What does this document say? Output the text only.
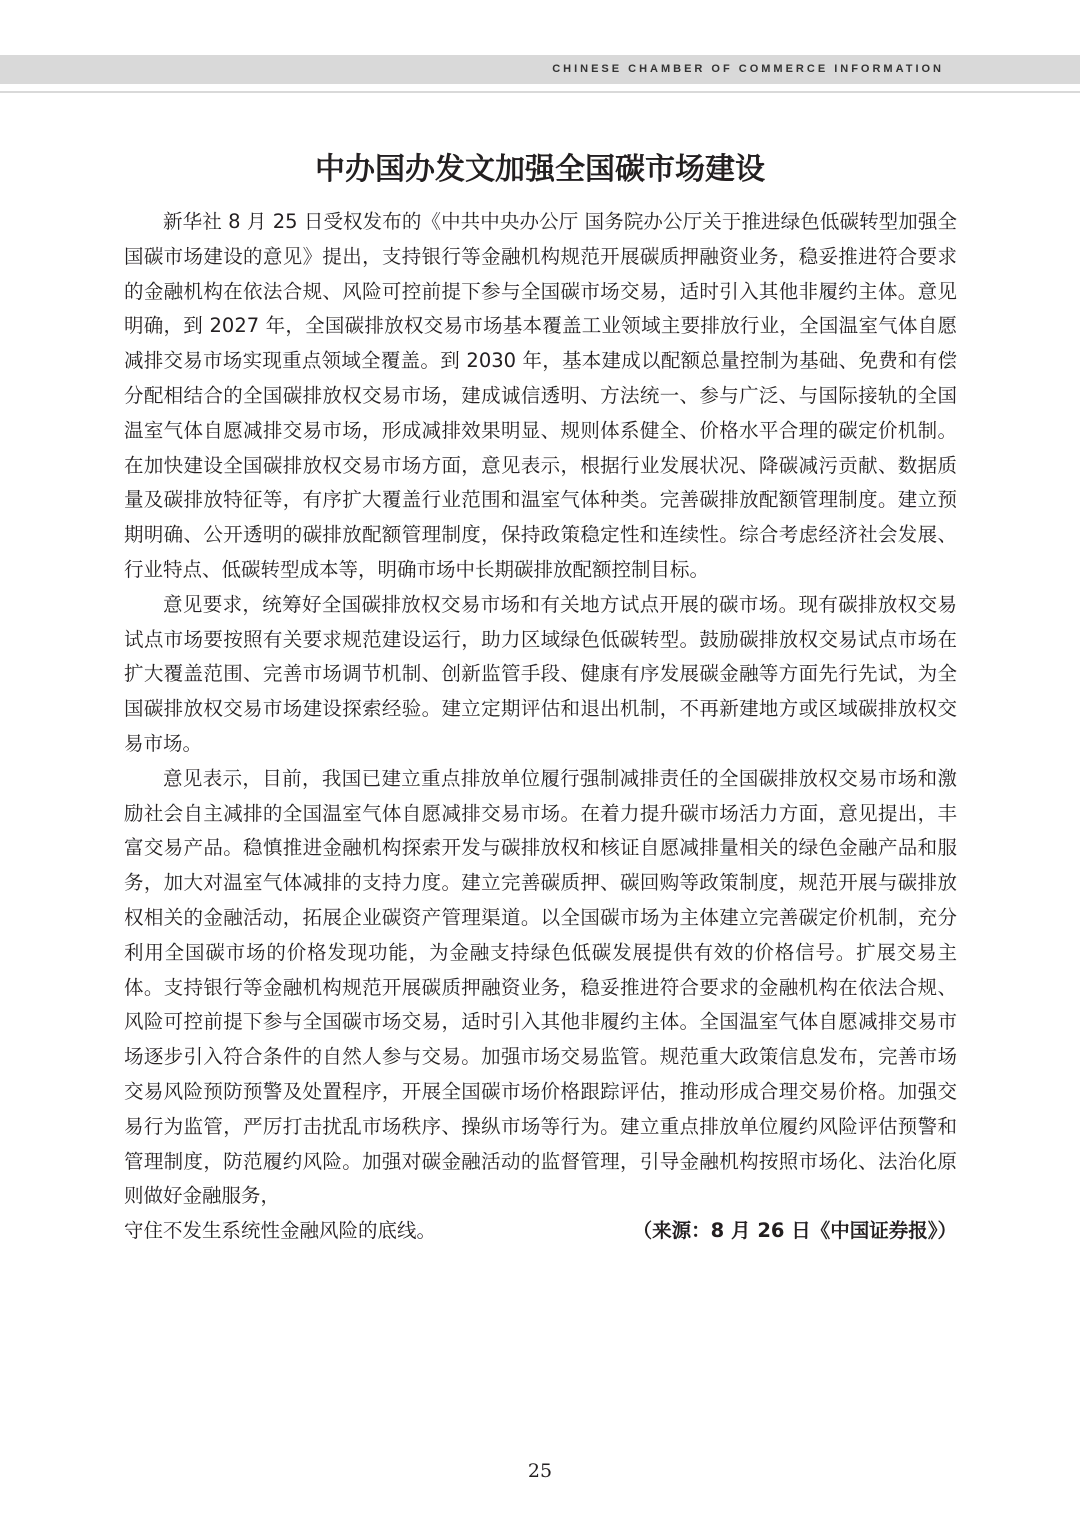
CHINESE CHAMBER OF COMMERCE INFORMATION
中办国办发文加强全国碳市场建设

新华社 8 月 25 日受权发布的《中共中央办公厅 国务院办公厅关于推进绿色低碳转型加强全国碳市场建设的意见》提出，支持银行等金融机构规范开展碳质押融资业务，稳妥推进符合要求的金融机构在依法合规、风险可控前提下参与全国碳市场交易，适时引入其他非履约主体。意见明确，到 2027 年，全国碳排放权交易市场基本覆盖工业领域主要排放行业，全国温室气体自愿减排交易市场实现重点领域全覆盖。到 2030 年，基本建成以配额总量控制为基础、免费和有偿分配相结合的全国碳排放权交易市场，建成诚信透明、方法统一、参与广泛、与国际接轨的全国温室气体自愿减排交易市场，形成减排效果明显、规则体系健全、价格水平合理的碳定价机制。在加快建设全国碳排放权交易市场方面，意见表示，根据行业发展状况、降碳减污贡献、数据质量及碳排放特征等，有序扩大覆盖行业范围和温室气体种类。完善碳排放配额管理制度。建立预期明确、公开透明的碳排放配额管理制度，保持政策稳定性和连续性。综合考虑经济社会发展、行业特点、低碳转型成本等，明确市场中长期碳排放配额控制目标。

意见要求，统筹好全国碳排放权交易市场和有关地方试点开展的碳市场。现有碳排放权交易试点市场要按照有关要求规范建设运行，助力区域绿色低碳转型。鼓励碳排放权交易试点市场在扩大覆盖范围、完善市场调节机制、创新监管手段、健康有序发展碳金融等方面先行先试，为全国碳排放权交易市场建设探索经验。建立定期评估和退出机制，不再新建地方或区域碳排放权交易市场。

意见表示，目前，我国已建立重点排放单位履行强制减排责任的全国碳排放权交易市场和激励社会自主减排的全国温室气体自愿减排交易市场。在着力提升碳市场活力方面，意见提出，丰富交易产品。稳慎推进金融机构探索开发与碳排放权和核证自愿减排量相关的绿色金融产品和服务，加大对温室气体减排的支持力度。建立完善碳质押、碳回购等政策制度，规范开展与碳排放权相关的金融活动，拓展企业碳资产管理渠道。以全国碳市场为主体建立完善碳定价机制，充分利用全国碳市场的价格发现功能，为金融支持绿色低碳发展提供有效的价格信号。扩展交易主体。支持银行等金融机构规范开展碳质押融资业务，稳妥推进符合要求的金融机构在依法合规、风险可控前提下参与全国碳市场交易，适时引入其他非履约主体。全国温室气体自愿减排交易市场逐步引入符合条件的自然人参与交易。加强市场交易监管。规范重大政策信息发布，完善市场交易风险预防预警及处置程序，开展全国碳市场价格跟踪评估，推动形成合理交易价格。加强交易行为监管，严厉打击扰乱市场秩序、操纵市场等行为。建立重点排放单位履约风险评估预警和管理制度，防范履约风险。加强对碳金融活动的监督管理，引导金融机构按照市场化、法治化原则做好金融服务，

守住不发生系统性金融风险的底线。	（来源：8 月 26 日《中国证券报》）
25
